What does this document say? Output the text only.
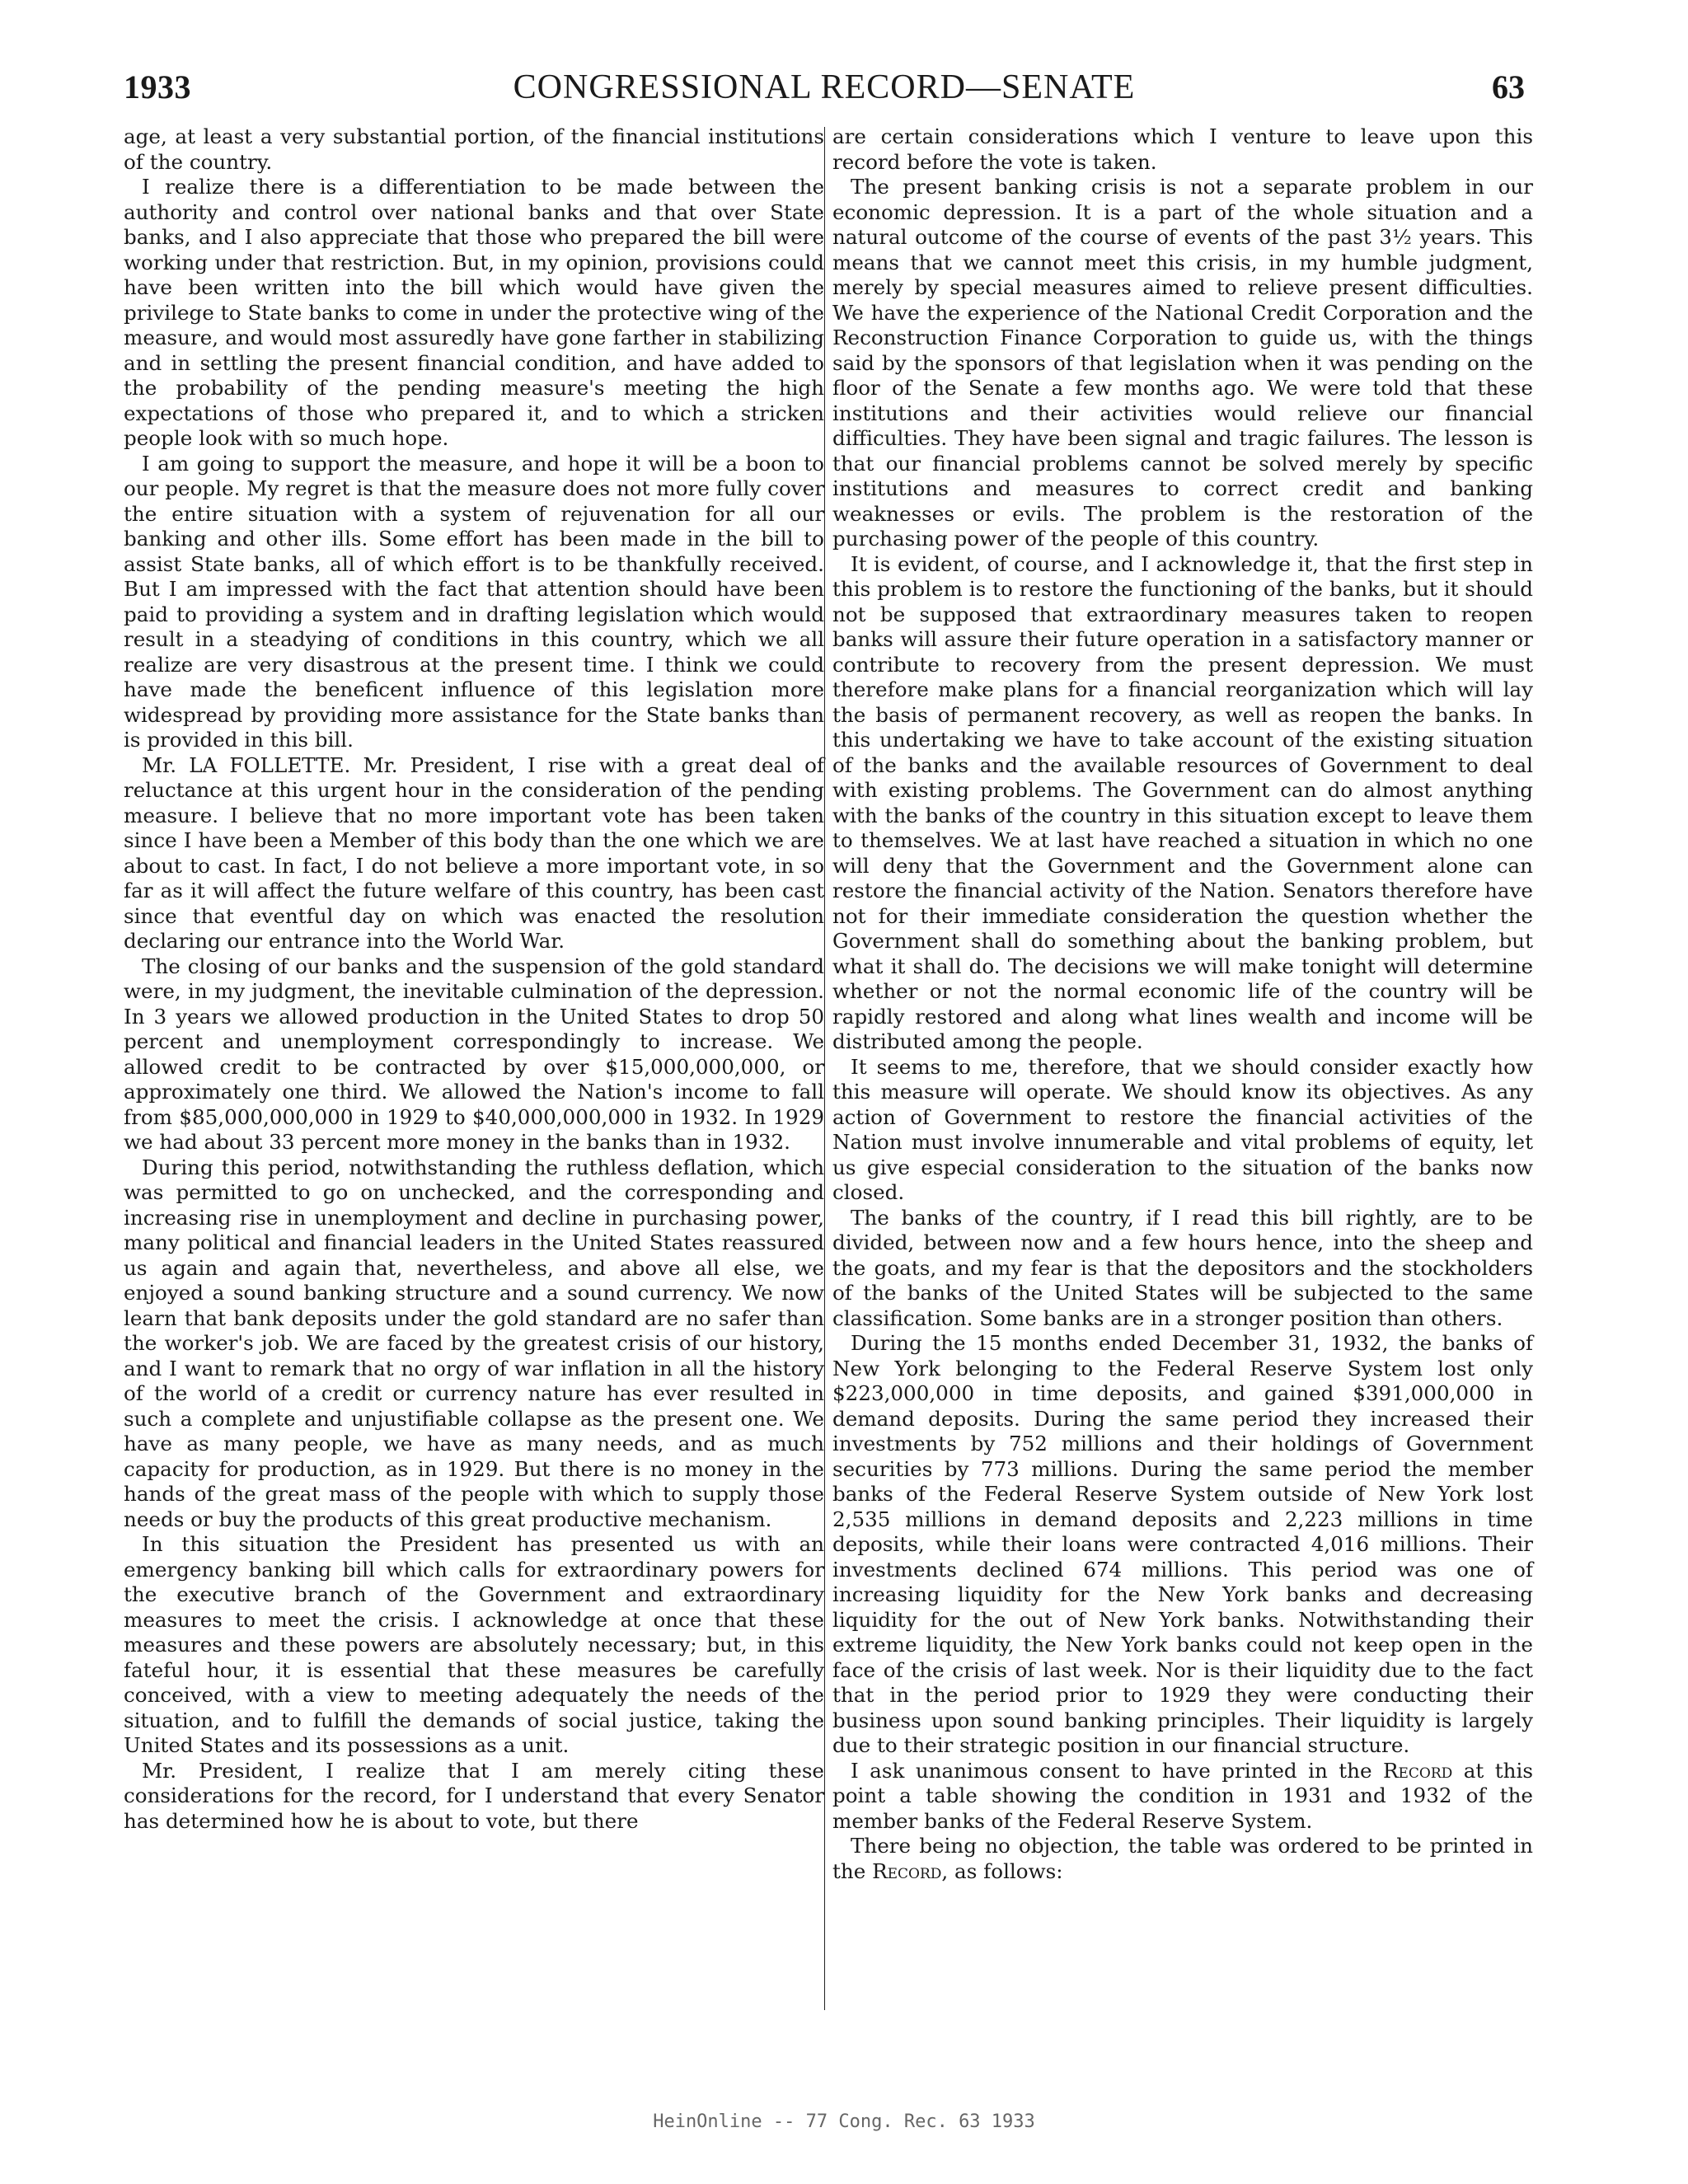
1933	CONGRESSIONAL RECORD—SENATE	63

age, at least a very substantial portion, of the financial institutions of the country.

I realize there is a differentiation to be made between the authority and control over national banks and that over State banks, and I also appreciate that those who prepared the bill were working under that restriction. But, in my opinion, provisions could have been written into the bill which would have given the privilege to State banks to come in under the protective wing of the measure, and would most assuredly have gone farther in stabilizing and in settling the present financial condition, and have added to the probability of the pending measure's meeting the high expectations of those who prepared it, and to which a stricken people look with so much hope.

I am going to support the measure, and hope it will be a boon to our people. My regret is that the measure does not more fully cover the entire situation with a system of rejuvenation for all our banking and other ills. Some effort has been made in the bill to assist State banks, all of which effort is to be thankfully received. But I am impressed with the fact that attention should have been paid to providing a system and in drafting legislation which would result in a steadying of conditions in this country, which we all realize are very disastrous at the present time. I think we could have made the beneficent influence of this legislation more widespread by providing more assistance for the State banks than is provided in this bill.

Mr. LA FOLLETTE. Mr. President, I rise with a great deal of reluctance at this urgent hour in the consideration of the pending measure. I believe that no more important vote has been taken since I have been a Member of this body than the one which we are about to cast. In fact, I do not believe a more important vote, in so far as it will affect the future welfare of this country, has been cast since that eventful day on which was enacted the resolution declaring our entrance into the World War.

The closing of our banks and the suspension of the gold standard were, in my judgment, the inevitable culmination of the depression. In 3 years we allowed production in the United States to drop 50 percent and unemployment correspondingly to increase. We allowed credit to be contracted by over $15,000,000,000, or approximately one third. We allowed the Nation's income to fall from $85,000,000,000 in 1929 to $40,000,000,000 in 1932. In 1929 we had about 33 percent more money in the banks than in 1932.

During this period, notwithstanding the ruthless deflation, which was permitted to go on unchecked, and the corresponding and increasing rise in unemployment and decline in purchasing power, many political and financial leaders in the United States reassured us again and again that, nevertheless, and above all else, we enjoyed a sound banking structure and a sound currency. We now learn that bank deposits under the gold standard are no safer than the worker's job. We are faced by the greatest crisis of our history, and I want to remark that no orgy of war inflation in all the history of the world of a credit or currency nature has ever resulted in such a complete and unjustifiable collapse as the present one. We have as many people, we have as many needs, and as much capacity for production, as in 1929. But there is no money in the hands of the great mass of the people with which to supply those needs or buy the products of this great productive mechanism.

In this situation the President has presented us with an emergency banking bill which calls for extraordinary powers for the executive branch of the Government and extraordinary measures to meet the crisis. I acknowledge at once that these measures and these powers are absolutely necessary; but, in this fateful hour, it is essential that these measures be carefully conceived, with a view to meeting adequately the needs of the situation, and to fulfill the demands of social justice, taking the United States and its possessions as a unit.

Mr. President, I realize that I am merely citing these considerations for the record, for I understand that every Senator has determined how he is about to vote, but there

are certain considerations which I venture to leave upon this record before the vote is taken.

The present banking crisis is not a separate problem in our economic depression. It is a part of the whole situation and a natural outcome of the course of events of the past 3½ years. This means that we cannot meet this crisis, in my humble judgment, merely by special measures aimed to relieve present difficulties. We have the experience of the National Credit Corporation and the Reconstruction Finance Corporation to guide us, with the things said by the sponsors of that legislation when it was pending on the floor of the Senate a few months ago. We were told that these institutions and their activities would relieve our financial difficulties. They have been signal and tragic failures. The lesson is that our financial problems cannot be solved merely by specific institutions and measures to correct credit and banking weaknesses or evils. The problem is the restoration of the purchasing power of the people of this country.

It is evident, of course, and I acknowledge it, that the first step in this problem is to restore the functioning of the banks, but it should not be supposed that extraordinary measures taken to reopen banks will assure their future operation in a satisfactory manner or contribute to recovery from the present depression. We must therefore make plans for a financial reorganization which will lay the basis of permanent recovery, as well as reopen the banks. In this undertaking we have to take account of the existing situation of the banks and the available resources of Government to deal with existing problems. The Government can do almost anything with the banks of the country in this situation except to leave them to themselves. We at last have reached a situation in which no one will deny that the Government and the Government alone can restore the financial activity of the Nation. Senators therefore have not for their immediate consideration the question whether the Government shall do something about the banking problem, but what it shall do. The decisions we will make tonight will determine whether or not the normal economic life of the country will be rapidly restored and along what lines wealth and income will be distributed among the people.

It seems to me, therefore, that we should consider exactly how this measure will operate. We should know its objectives. As any action of Government to restore the financial activities of the Nation must involve innumerable and vital problems of equity, let us give especial consideration to the situation of the banks now closed.

The banks of the country, if I read this bill rightly, are to be divided, between now and a few hours hence, into the sheep and the goats, and my fear is that the depositors and the stockholders of the banks of the United States will be subjected to the same classification. Some banks are in a stronger position than others.

During the 15 months ended December 31, 1932, the banks of New York belonging to the Federal Reserve System lost only $223,000,000 in time deposits, and gained $391,000,000 in demand deposits. During the same period they increased their investments by 752 millions and their holdings of Government securities by 773 millions. During the same period the member banks of the Federal Reserve System outside of New York lost 2,535 millions in demand deposits and 2,223 millions in time deposits, while their loans were contracted 4,016 millions. Their investments declined 674 millions. This period was one of increasing liquidity for the New York banks and decreasing liquidity for the out of New York banks. Notwithstanding their extreme liquidity, the New York banks could not keep open in the face of the crisis of last week. Nor is their liquidity due to the fact that in the period prior to 1929 they were conducting their business upon sound banking principles. Their liquidity is largely due to their strategic position in our financial structure.

I ask unanimous consent to have printed in the Record at this point a table showing the condition in 1931 and 1932 of the member banks of the Federal Reserve System.

There being no objection, the table was ordered to be printed in the Record, as follows:

HeinOnline -- 77 Cong. Rec. 63 1933
